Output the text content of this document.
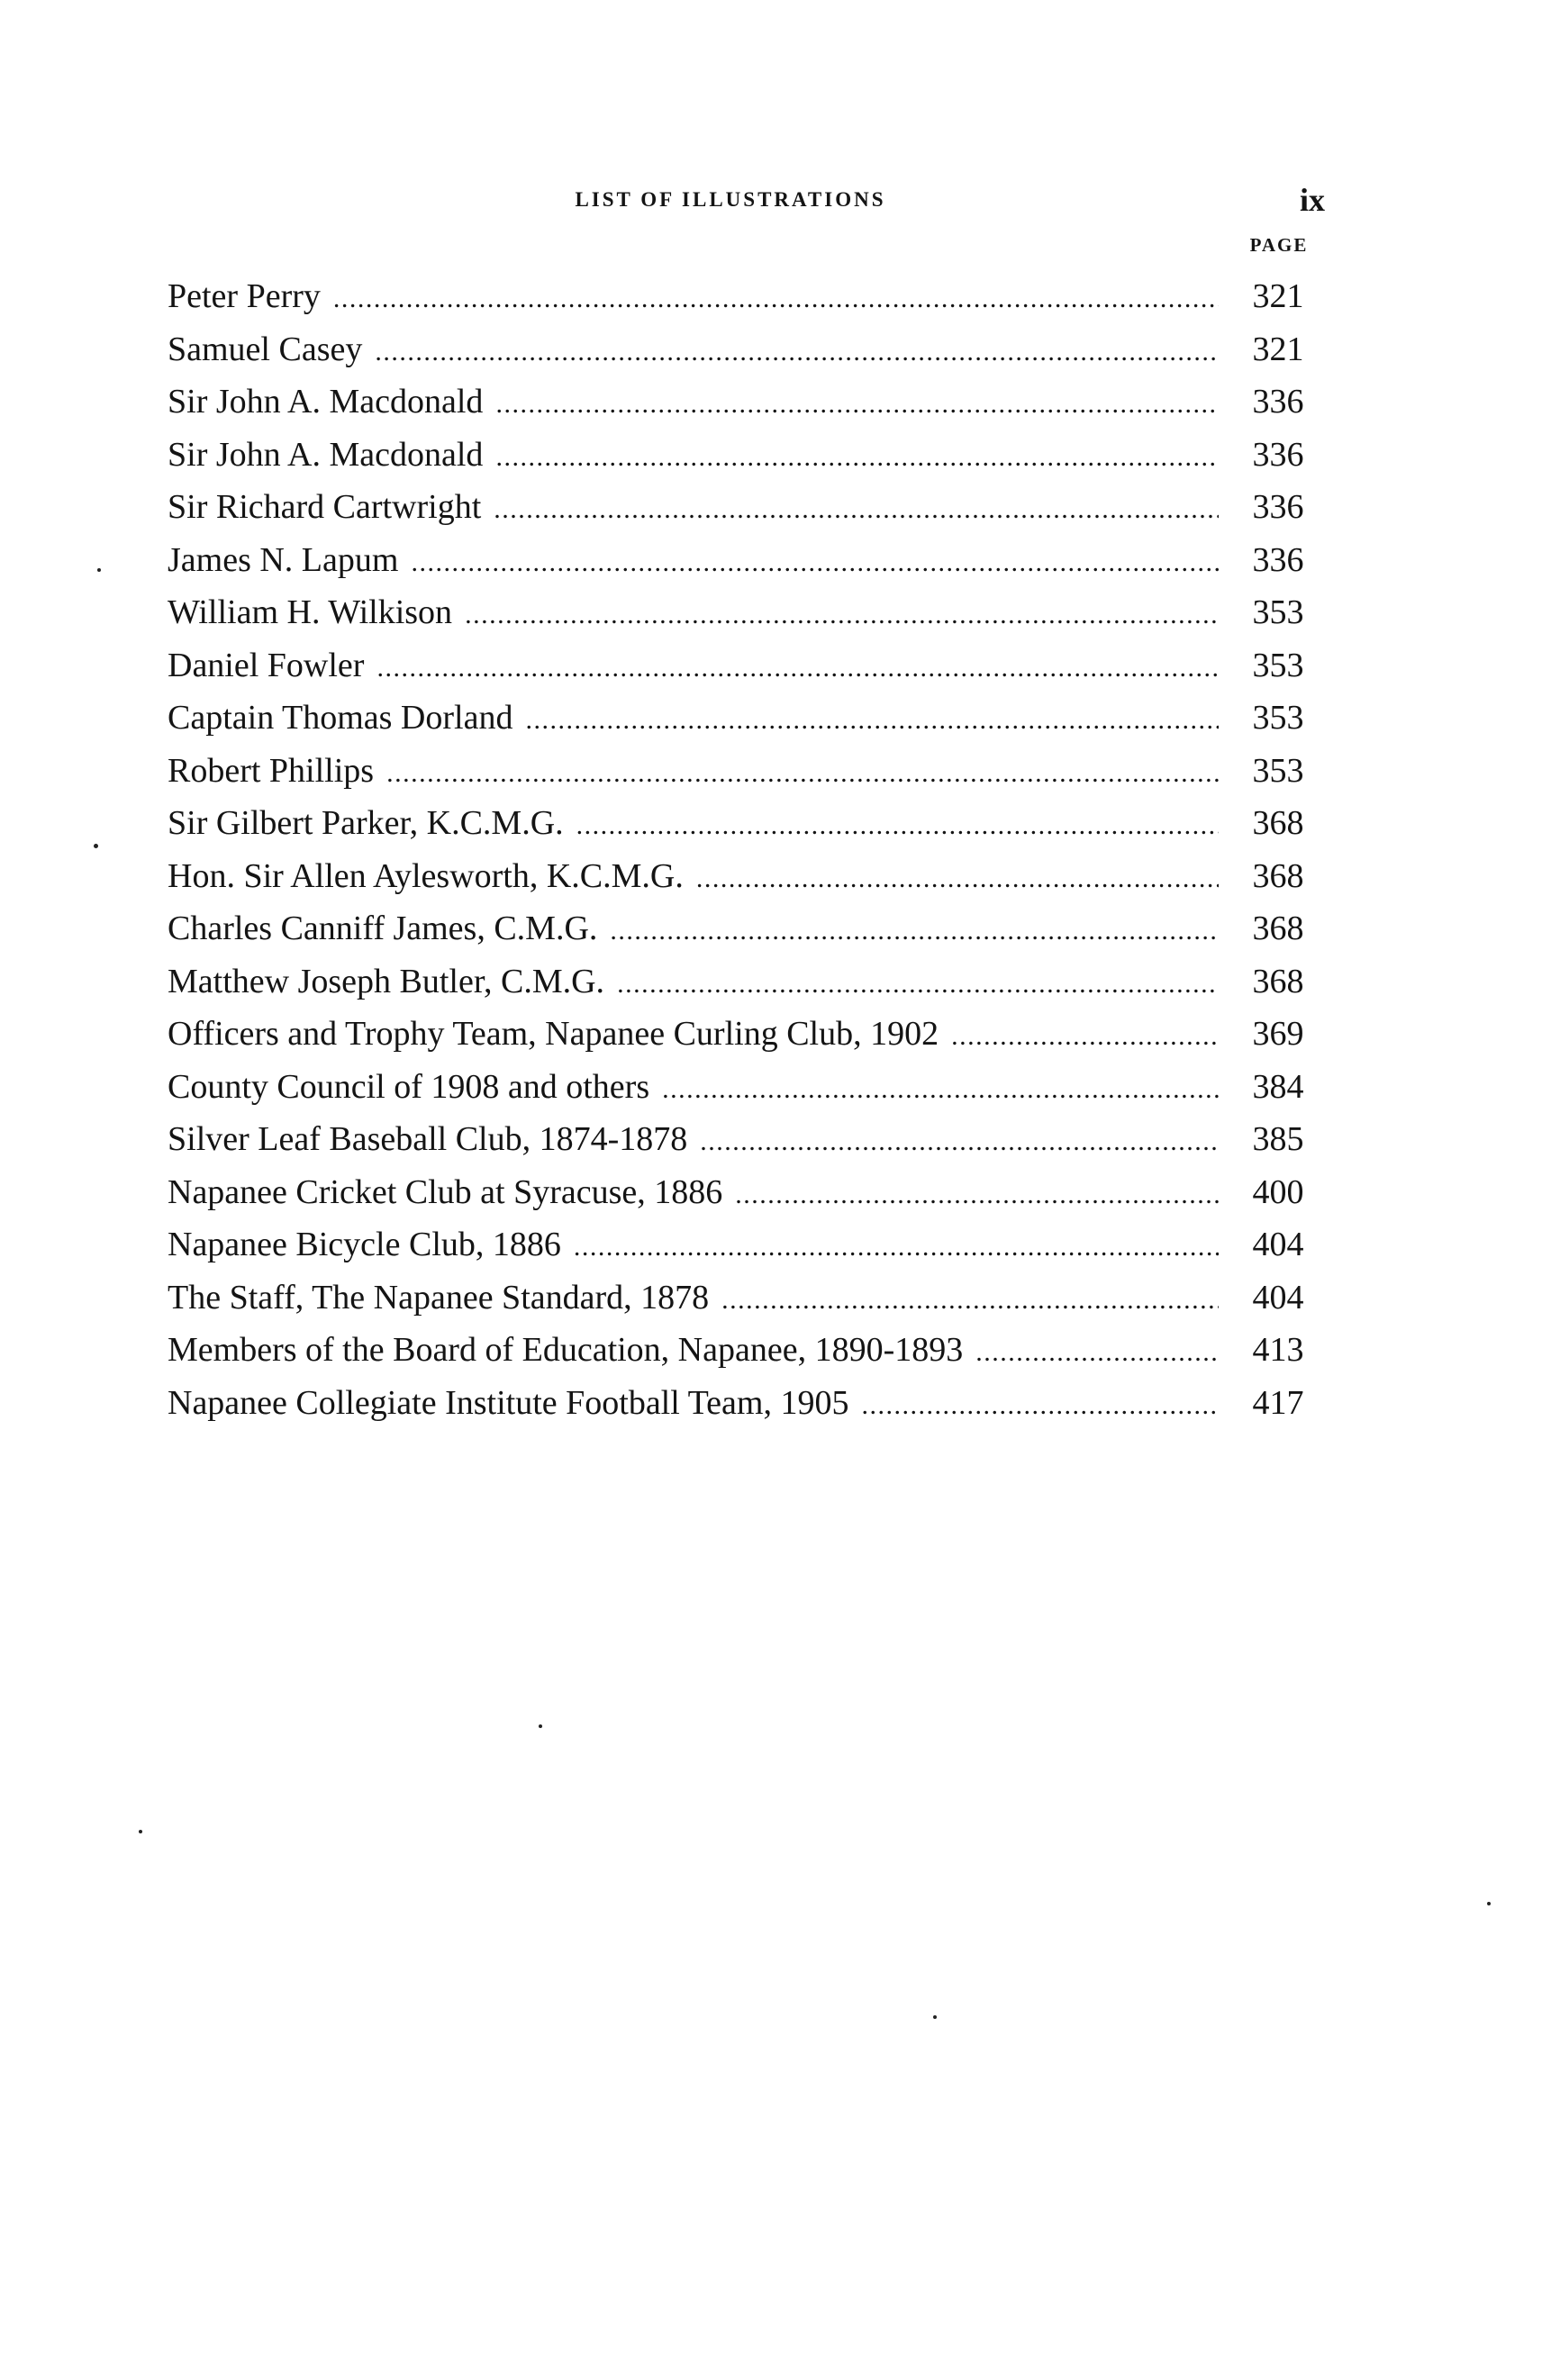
LIST OF ILLUSTRATIONS	ix
PAGE
Peter Perry . . .	321
Samuel Casey . . .	321
Sir John A. Macdonald . . .	336
Sir John A. Macdonald . . .	336
Sir Richard Cartwright . . .	336
James N. Lapum . . .	336
William H. Wilkison . . .	353
Daniel Fowler . . .	353
Captain Thomas Dorland . . .	353
Robert Phillips . . .	353
Sir Gilbert Parker, K.C.M.G. . . .	368
Hon. Sir Allen Aylesworth, K.C.M.G. . . .	368
Charles Canniff James, C.M.G. . . .	368
Matthew Joseph Butler, C.M.G. . . .	368
Officers and Trophy Team, Napanee Curling Club, 1902 . . .	369
County Council of 1908 and others . . .	384
Silver Leaf Baseball Club, 1874-1878 . . .	385
Napanee Cricket Club at Syracuse, 1886 . . .	400
Napanee Bicycle Club, 1886 . . .	404
The Staff, The Napanee Standard, 1878 . . .	404
Members of the Board of Education, Napanee, 1890-1893 . . .	413
Napanee Collegiate Institute Football Team, 1905 . . .	417
